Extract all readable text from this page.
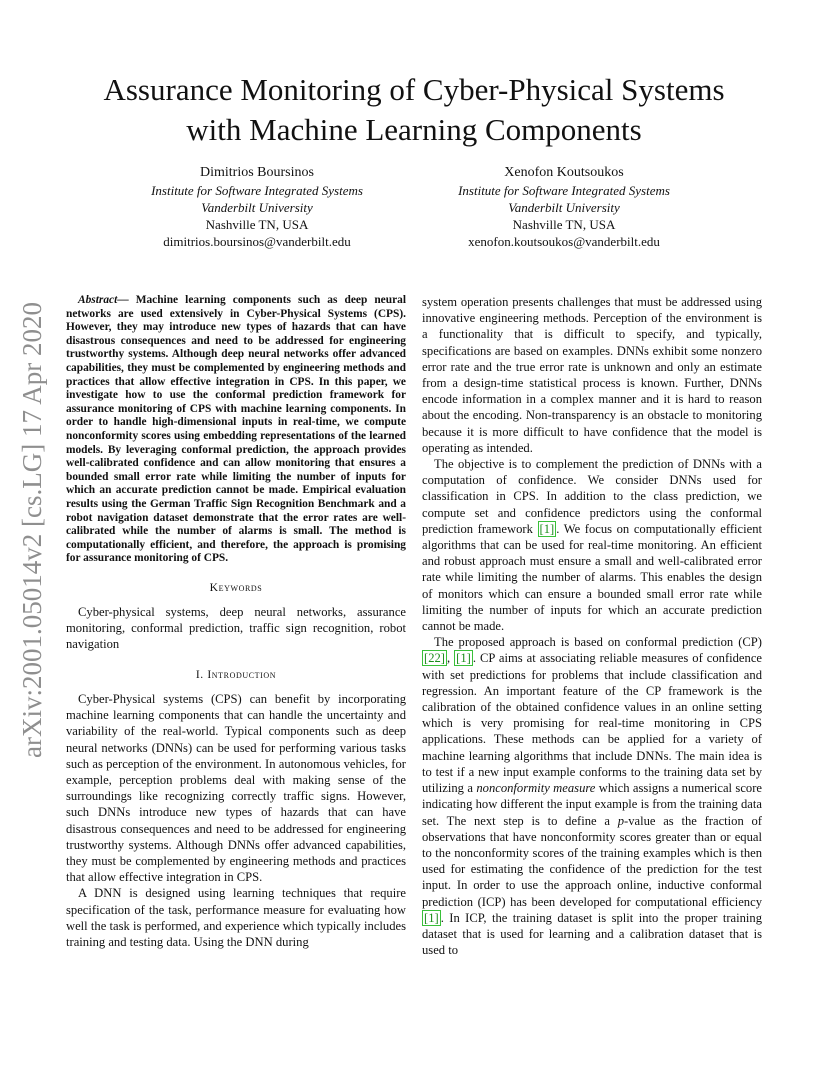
Assurance Monitoring of Cyber-Physical Systems
with Machine Learning Components
Dimitrios Boursinos
Institute for Software Integrated Systems
Vanderbilt University
Nashville TN, USA
dimitrios.boursinos@vanderbilt.edu
Xenofon Koutsoukos
Institute for Software Integrated Systems
Vanderbilt University
Nashville TN, USA
xenofon.koutsoukos@vanderbilt.edu
arXiv:2001.05014v2 [cs.LG] 17 Apr 2020

Abstract— Machine learning components such as deep neural networks are used extensively in Cyber-Physical Systems (CPS). However, they may introduce new types of hazards that can have disastrous consequences and need to be addressed for engineering trustworthy systems. Although deep neural networks offer advanced capabilities, they must be complemented by engineering methods and practices that allow effective integration in CPS. In this paper, we investigate how to use the conformal prediction framework for assurance monitoring of CPS with machine learning components. In order to handle high-dimensional inputs in real-time, we compute nonconformity scores using embedding representations of the learned models. By leveraging conformal prediction, the approach provides well-calibrated confidence and can allow monitoring that ensures a bounded small error rate while limiting the number of inputs for which an accurate prediction cannot be made. Empirical evaluation results using the German Traffic Sign Recognition Benchmark and a robot navigation dataset demonstrate that the error rates are well-calibrated while the number of alarms is small. The method is computationally efficient, and therefore, the approach is promising for assurance monitoring of CPS.

Keywords

Cyber-physical systems, deep neural networks, assurance monitoring, conformal prediction, traffic sign recognition, robot navigation

I. Introduction

Cyber-Physical systems (CPS) can benefit by incorporating machine learning components that can handle the uncertainty and variability of the real-world. Typical components such as deep neural networks (DNNs) can be used for performing various tasks such as perception of the environment. In autonomous vehicles, for example, perception problems deal with making sense of the surroundings like recognizing correctly traffic signs. However, such DNNs introduce new types of hazards that can have disastrous consequences and need to be addressed for engineering trustworthy systems. Although DNNs offer advanced capabilities, they must be complemented by engineering methods and practices that allow effective integration in CPS.

A DNN is designed using learning techniques that require specification of the task, performance measure for evaluating how well the task is performed, and experience which typically includes training and testing data. Using the DNN during

system operation presents challenges that must be addressed using innovative engineering methods. Perception of the environment is a functionality that is difficult to specify, and typically, specifications are based on examples. DNNs exhibit some nonzero error rate and the true error rate is unknown and only an estimate from a design-time statistical process is known. Further, DNNs encode information in a complex manner and it is hard to reason about the encoding. Non-transparency is an obstacle to monitoring because it is more difficult to have confidence that the model is operating as intended.

The objective is to complement the prediction of DNNs with a computation of confidence. We consider DNNs used for classification in CPS. In addition to the class prediction, we compute set and confidence predictors using the conformal prediction framework [1] . We focus on computationally efficient algorithms that can be used for real-time monitoring. An efficient and robust approach must ensure a small and well-calibrated error rate while limiting the number of alarms. This enables the design of monitors which can ensure a bounded small error rate while limiting the number of inputs for which an accurate prediction cannot be made.

The proposed approach is based on conformal prediction (CP) [22] , [1] . CP aims at associating reliable measures of confidence with set predictions for problems that include classification and regression. An important feature of the CP framework is the calibration of the obtained confidence values in an online setting which is very promising for real-time monitoring in CPS applications. These methods can be applied for a variety of machine learning algorithms that include DNNs. The main idea is to test if a new input example conforms to the training data set by utilizing a nonconformity measure which assigns a numerical score indicating how different the input example is from the training data set. The next step is to define a p-value as the fraction of observations that have nonconformity scores greater than or equal to the nonconformity scores of the training examples which is then used for estimating the confidence of the prediction for the test input. In order to use the approach online, inductive conformal prediction (ICP) has been developed for computational efficiency [1] . In ICP, the training dataset is split into the proper training dataset that is used for learning and a calibration dataset that is used to
